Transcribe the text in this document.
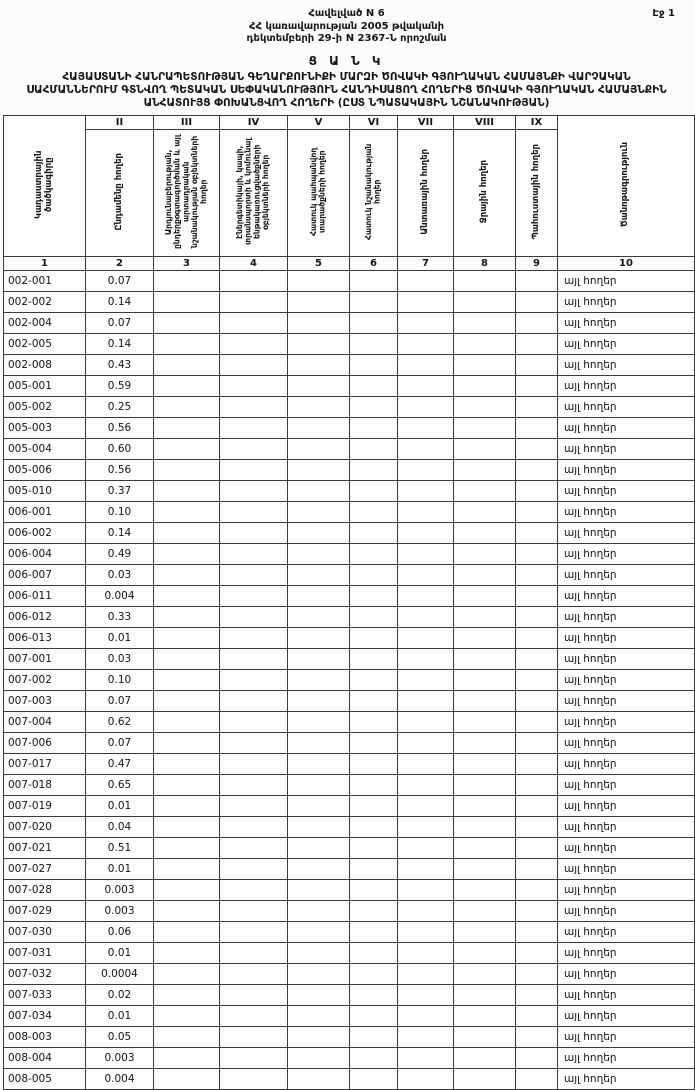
Հավելված N 6
ՀՀ կառավարության 2005 թվականի
դեկտեմբերի 29-ի N 2367-Ն որոշման
Էջ 1
Ց Ա Ն Կ
ՀԱՅԱՍՏԱՆԻ ՀԱՆՐԱՊԵՏՈՒԹՅԱՆ ԳԵՂԱՐՔՈՒՆԻՔԻ ՄԱՐԶԻ ԾՈՎԱԿԻ ԳՅՈՒՂԱԿԱՆ ՀԱՄԱՅՆՔԻ ՎԱՐՉԱԿԱՆ ՍԱՀՄԱՆՆԵՐՈՒՄ ԳՏՆՎՈՂ ՊԵՏԱԿԱՆ ՍԵՓԱԿԱՆՈՒԹՅՈՒՆ ՀԱՆԴԻՍԱՑՈՂ ՀՈՂԵՐԻՑ ԾՈՎԱԿԻ ԳՅՈՒՂԱԿԱՆ ՀԱՄԱՅՆՔԻՆ ԱՆՀԱՏՈՒՅՑ ՓՈԽԱՆՑՎՈՂ ՀՈՂԵՐԻ (ԸՍՏ ՆՊԱՏԱԿԱՅԻՆ ՆՇԱՆԱԿՈՒԹՅԱՆ)
Կադաստրային ծածկագիրը	II	III	IV	V	VI	VII	VIII	IX	Ծանոթագրություն
	Ընդամենը հողեր	Արդյունաբերության, ընդերքօգտագործման և այլ արտադրական նշանակության օբյեկտների հողեր	Էներգետիկայի, կապի, տրանսպորտի և կոմունալ ենթակառուցվածքների օբյեկտների հողեր	Հատուկ պահպանվող տարածքների հողեր	Հատուկ նշանակության հողեր	Անտառային հողեր	Ջրային հողեր	Պահուստային հողեր	
1	2	3	4	5	6	7	8	9	10
002-001	0.07								այլ հողեր
002-002	0.14								այլ հողեր
002-004	0.07								այլ հողեր
002-005	0.14								այլ հողեր
002-008	0.43								այլ հողեր
005-001	0.59								այլ հողեր
005-002	0.25								այլ հողեր
005-003	0.56								այլ հողեր
005-004	0.60								այլ հողեր
005-006	0.56								այլ հողեր
005-010	0.37								այլ հողեր
006-001	0.10								այլ հողեր
006-002	0.14								այլ հողեր
006-004	0.49								այլ հողեր
006-007	0.03								այլ հողեր
006-011	0.004								այլ հողեր
006-012	0.33								այլ հողեր
006-013	0.01								այլ հողեր
007-001	0.03								այլ հողեր
007-002	0.10								այլ հողեր
007-003	0.07								այլ հողեր
007-004	0.62								այլ հողեր
007-006	0.07								այլ հողեր
007-017	0.47								այլ հողեր
007-018	0.65								այլ հողեր
007-019	0.01								այլ հողեր
007-020	0.04								այլ հողեր
007-021	0.51								այլ հողեր
007-027	0.01								այլ հողեր
007-028	0.003								այլ հողեր
007-029	0.003								այլ հողեր
007-030	0.06								այլ հողեր
007-031	0.01								այլ հողեր
007-032	0.0004								այլ հողեր
007-033	0.02								այլ հողեր
007-034	0.01								այլ հողեր
008-003	0.05								այլ հողեր
008-004	0.003								այլ հողեր
008-005	0.004								այլ հողեր
